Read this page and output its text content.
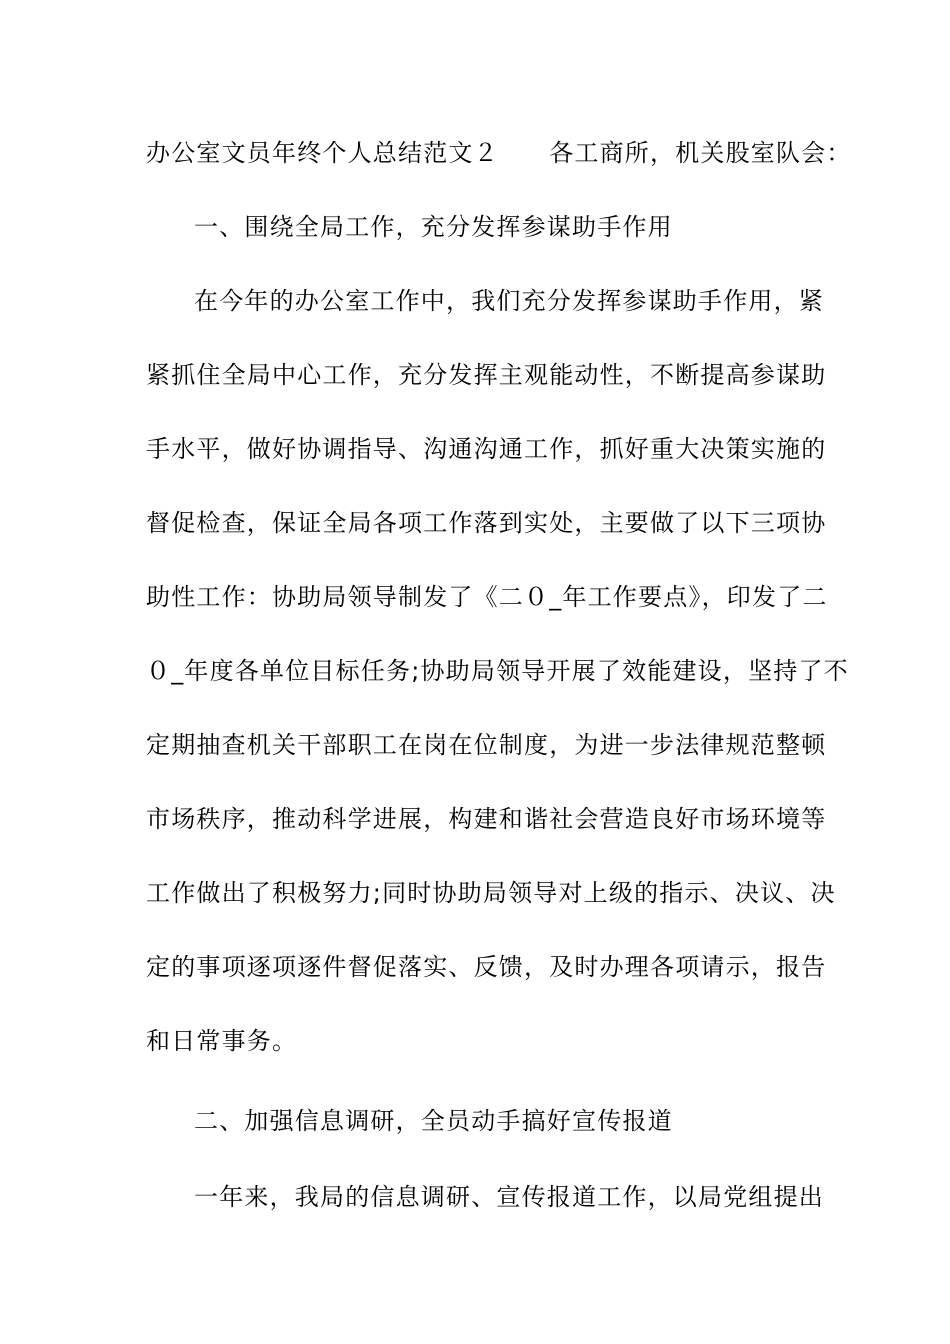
办公室文员年终个人总结范文２　　各工商所，机关股室队会：
一、围绕全局工作，充分发挥参谋助手作用
在今年的办公室工作中，我们充分发挥参谋助手作用，紧
紧抓住全局中心工作，充分发挥主观能动性，不断提高参谋助
手水平，做好协调指导、沟通沟通工作，抓好重大决策实施的
督促检查，保证全局各项工作落到实处，主要做了以下三项协
助性工作：协助局领导制发了《二０_年工作要点》，印发了二
０_年度各单位目标任务;协助局领导开展了效能建设，坚持了不
定期抽查机关干部职工在岗在位制度，为进一步法律规范整顿
市场秩序，推动科学进展，构建和谐社会营造良好市场环境等
工作做出了积极努力;同时协助局领导对上级的指示、决议、决
定的事项逐项逐件督促落实、反馈，及时办理各项请示，报告
和日常事务。
二、加强信息调研，全员动手搞好宣传报道
一年来，我局的信息调研、宣传报道工作，以局党组提出
